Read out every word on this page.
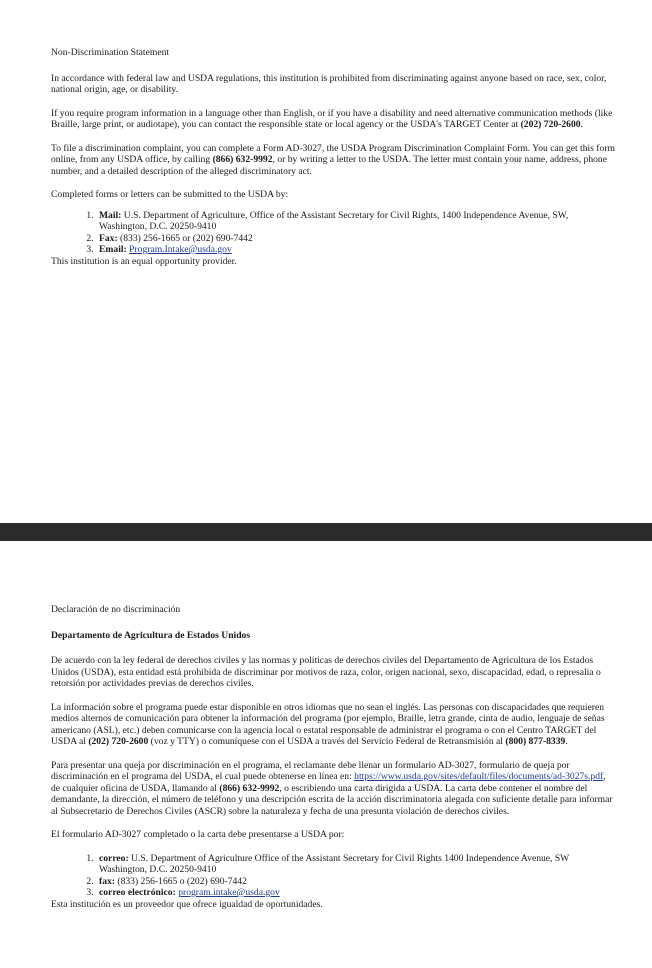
Non-Discrimination Statement

In accordance with federal law and USDA regulations, this institution is prohibited from discriminating against anyone based on race, sex, color, national origin, age, or disability.

If you require program information in a language other than English, or if you have a disability and need alternative communication methods (like Braille, large print, or audiotape), you can contact the responsible state or local agency or the USDA's TARGET Center at (202) 720-2600.

To file a discrimination complaint, you can complete a Form AD-3027, the USDA Program Discrimination Complaint Form. You can get this form online, from any USDA office, by calling (866) 632-9992, or by writing a letter to the USDA. The letter must contain your name, address, phone number, and a detailed description of the alleged discriminatory act.

Completed forms or letters can be submitted to the USDA by:

1. Mail: U.S. Department of Agriculture, Office of the Assistant Secretary for Civil Rights, 1400 Independence Avenue, SW, Washington, D.C. 20250-9410
2. Fax: (833) 256-1665 or (202) 690-7442
3. Email: Program.Intake@usda.gov

This institution is an equal opportunity provider.

Declaración de no discriminación

Departamento de Agricultura de Estados Unidos

De acuerdo con la ley federal de derechos civiles y las normas y políticas de derechos civiles del Departamento de Agricultura de los Estados Unidos (USDA), esta entidad está prohibida de discriminar por motivos de raza, color, origen nacional, sexo, discapacidad, edad, o represalia o retorsión por actividades previas de derechos civiles.

La información sobre el programa puede estar disponible en otros idiomas que no sean el inglés. Las personas con discapacidades que requieren medios alternos de comunicación para obtener la información del programa (por ejemplo, Braille, letra grande, cinta de audio, lenguaje de señas americano (ASL), etc.) deben comunicarse con la agencia local o estatal responsable de administrar el programa o con el Centro TARGET del USDA al (202) 720-2600 (voz y TTY) o comuníquese con el USDA a través del Servicio Federal de Retransmisión al (800) 877-8339.

Para presentar una queja por discriminación en el programa, el reclamante debe llenar un formulario AD-3027, formulario de queja por discriminación en el programa del USDA, el cual puede obtenerse en línea en: https://www.usda.gov/sites/default/files/documents/ad-3027s.pdf, de cualquier oficina de USDA, llamando al (866) 632-9992, o escribiendo una carta dirigida a USDA. La carta debe contener el nombre del demandante, la dirección, el número de teléfono y una descripción escrita de la acción discriminatoria alegada con suficiente detalle para informar al Subsecretario de Derechos Civiles (ASCR) sobre la naturaleza y fecha de una presunta violación de derechos civiles.

El formulario AD-3027 completado o la carta debe presentarse a USDA por:

1. correo: U.S. Department of Agriculture Office of the Assistant Secretary for Civil Rights 1400 Independence Avenue, SW Washington, D.C. 20250-9410
2. fax: (833) 256-1665 o (202) 690-7442
3. correo electrónico: program.intake@usda.gov

Esta institución es un proveedor que ofrece igualdad de oportunidades.
